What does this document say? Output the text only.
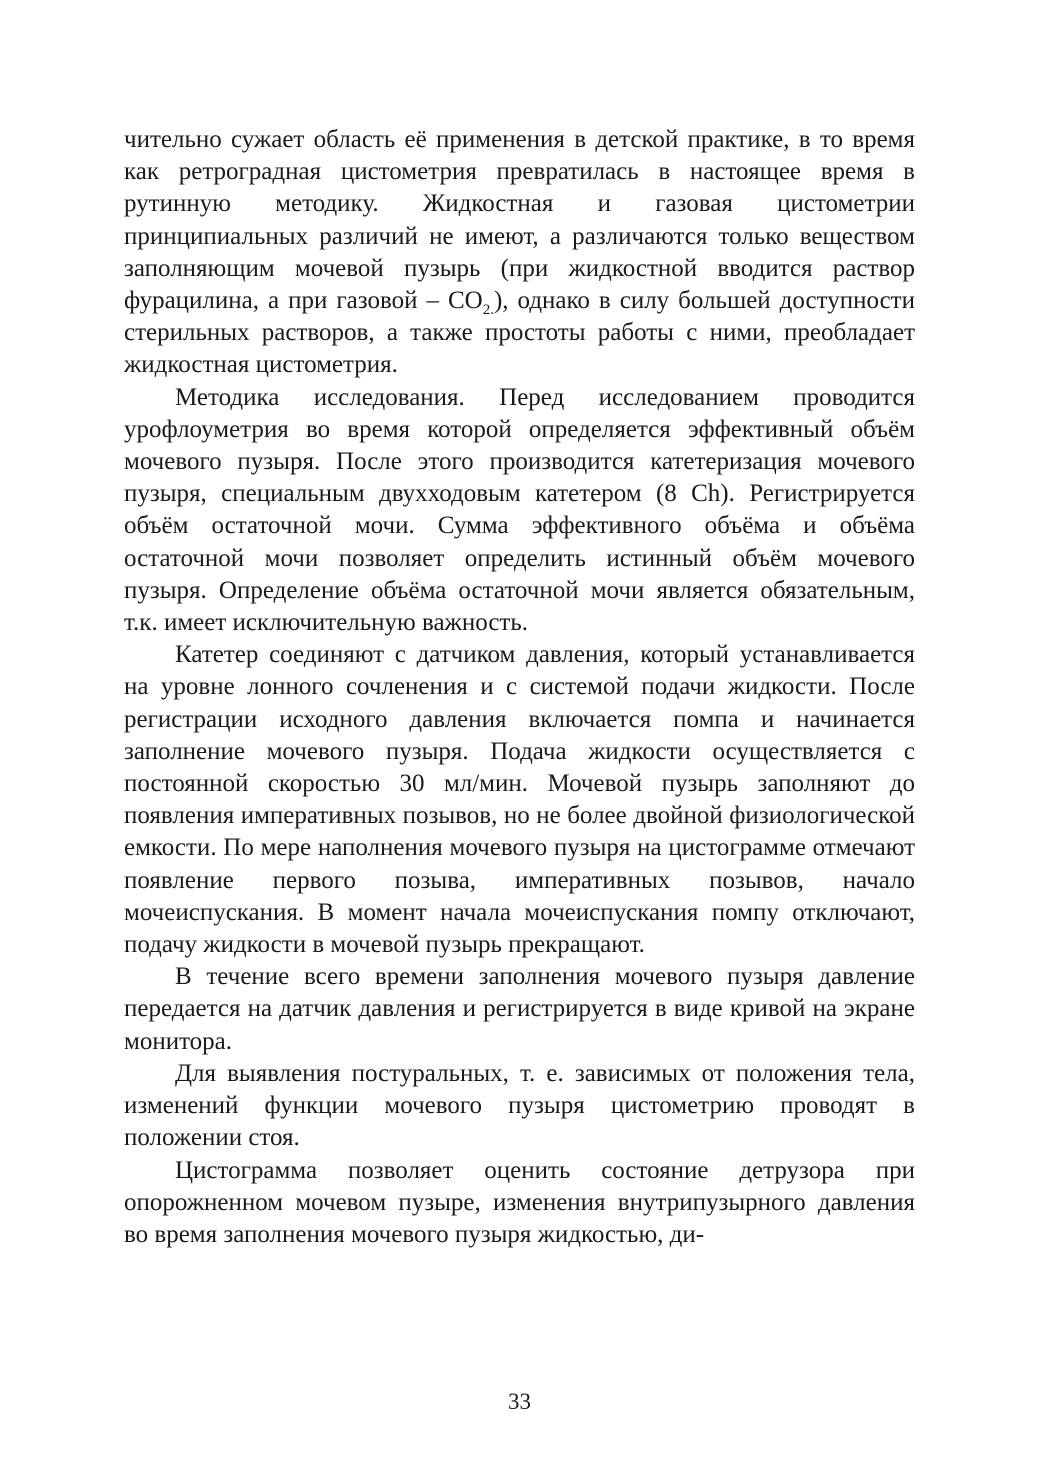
чительно сужает область её применения в детской практике, в то время как ретроградная цистометрия превратилась в настоящее время в рутинную методику. Жидкостная и газовая цистометрии принципиальных различий не имеют, а различаются только веществом заполняющим мочевой пузырь (при жидкостной вводится раствор фурацилина, а при газовой – $CO_{2.}$), однако в силу большей доступности стерильных растворов, а также простоты работы с ними, преобладает жидкостная цистометрия.

Методика исследования. Перед исследованием проводится урофлоуметрия во время которой определяется эффективный объём мочевого пузыря. После этого производится катетеризация мочевого пузыря, специальным двухходовым катетером (8 Ch). Регистрируется объём остаточной мочи. Сумма эффективного объёма и объёма остаточной мочи позволяет определить истинный объём мочевого пузыря. Определение объёма остаточной мочи является обязательным, т.к. имеет исключительную важность.

Катетер соединяют с датчиком давления, который устанавливается на уровне лонного сочленения и с системой подачи жидкости. После регистрации исходного давления включается помпа и начинается заполнение мочевого пузыря. Подача жидкости осуществляется с постоянной скоростью 30 мл/мин. Мочевой пузырь заполняют до появления императивных позывов, но не более двойной физиологической емкости. По мере наполнения мочевого пузыря на цистограмме отмечают появление первого позыва, императивных позывов, начало мочеиспускания. В момент начала мочеиспускания помпу отключают, подачу жидкости в мочевой пузырь прекращают.

В течение всего времени заполнения мочевого пузыря давление передается на датчик давления и регистрируется в виде кривой на экране монитора.

Для выявления постуральных, т. е. зависимых от положения тела, изменений функции мочевого пузыря цистометрию проводят в положении стоя.

Цистограмма позволяет оценить состояние детрузора при опорожненном мочевом пузыре, изменения внутрипузырного давления во время заполнения мочевого пузыря жидкостью, ди-

33
